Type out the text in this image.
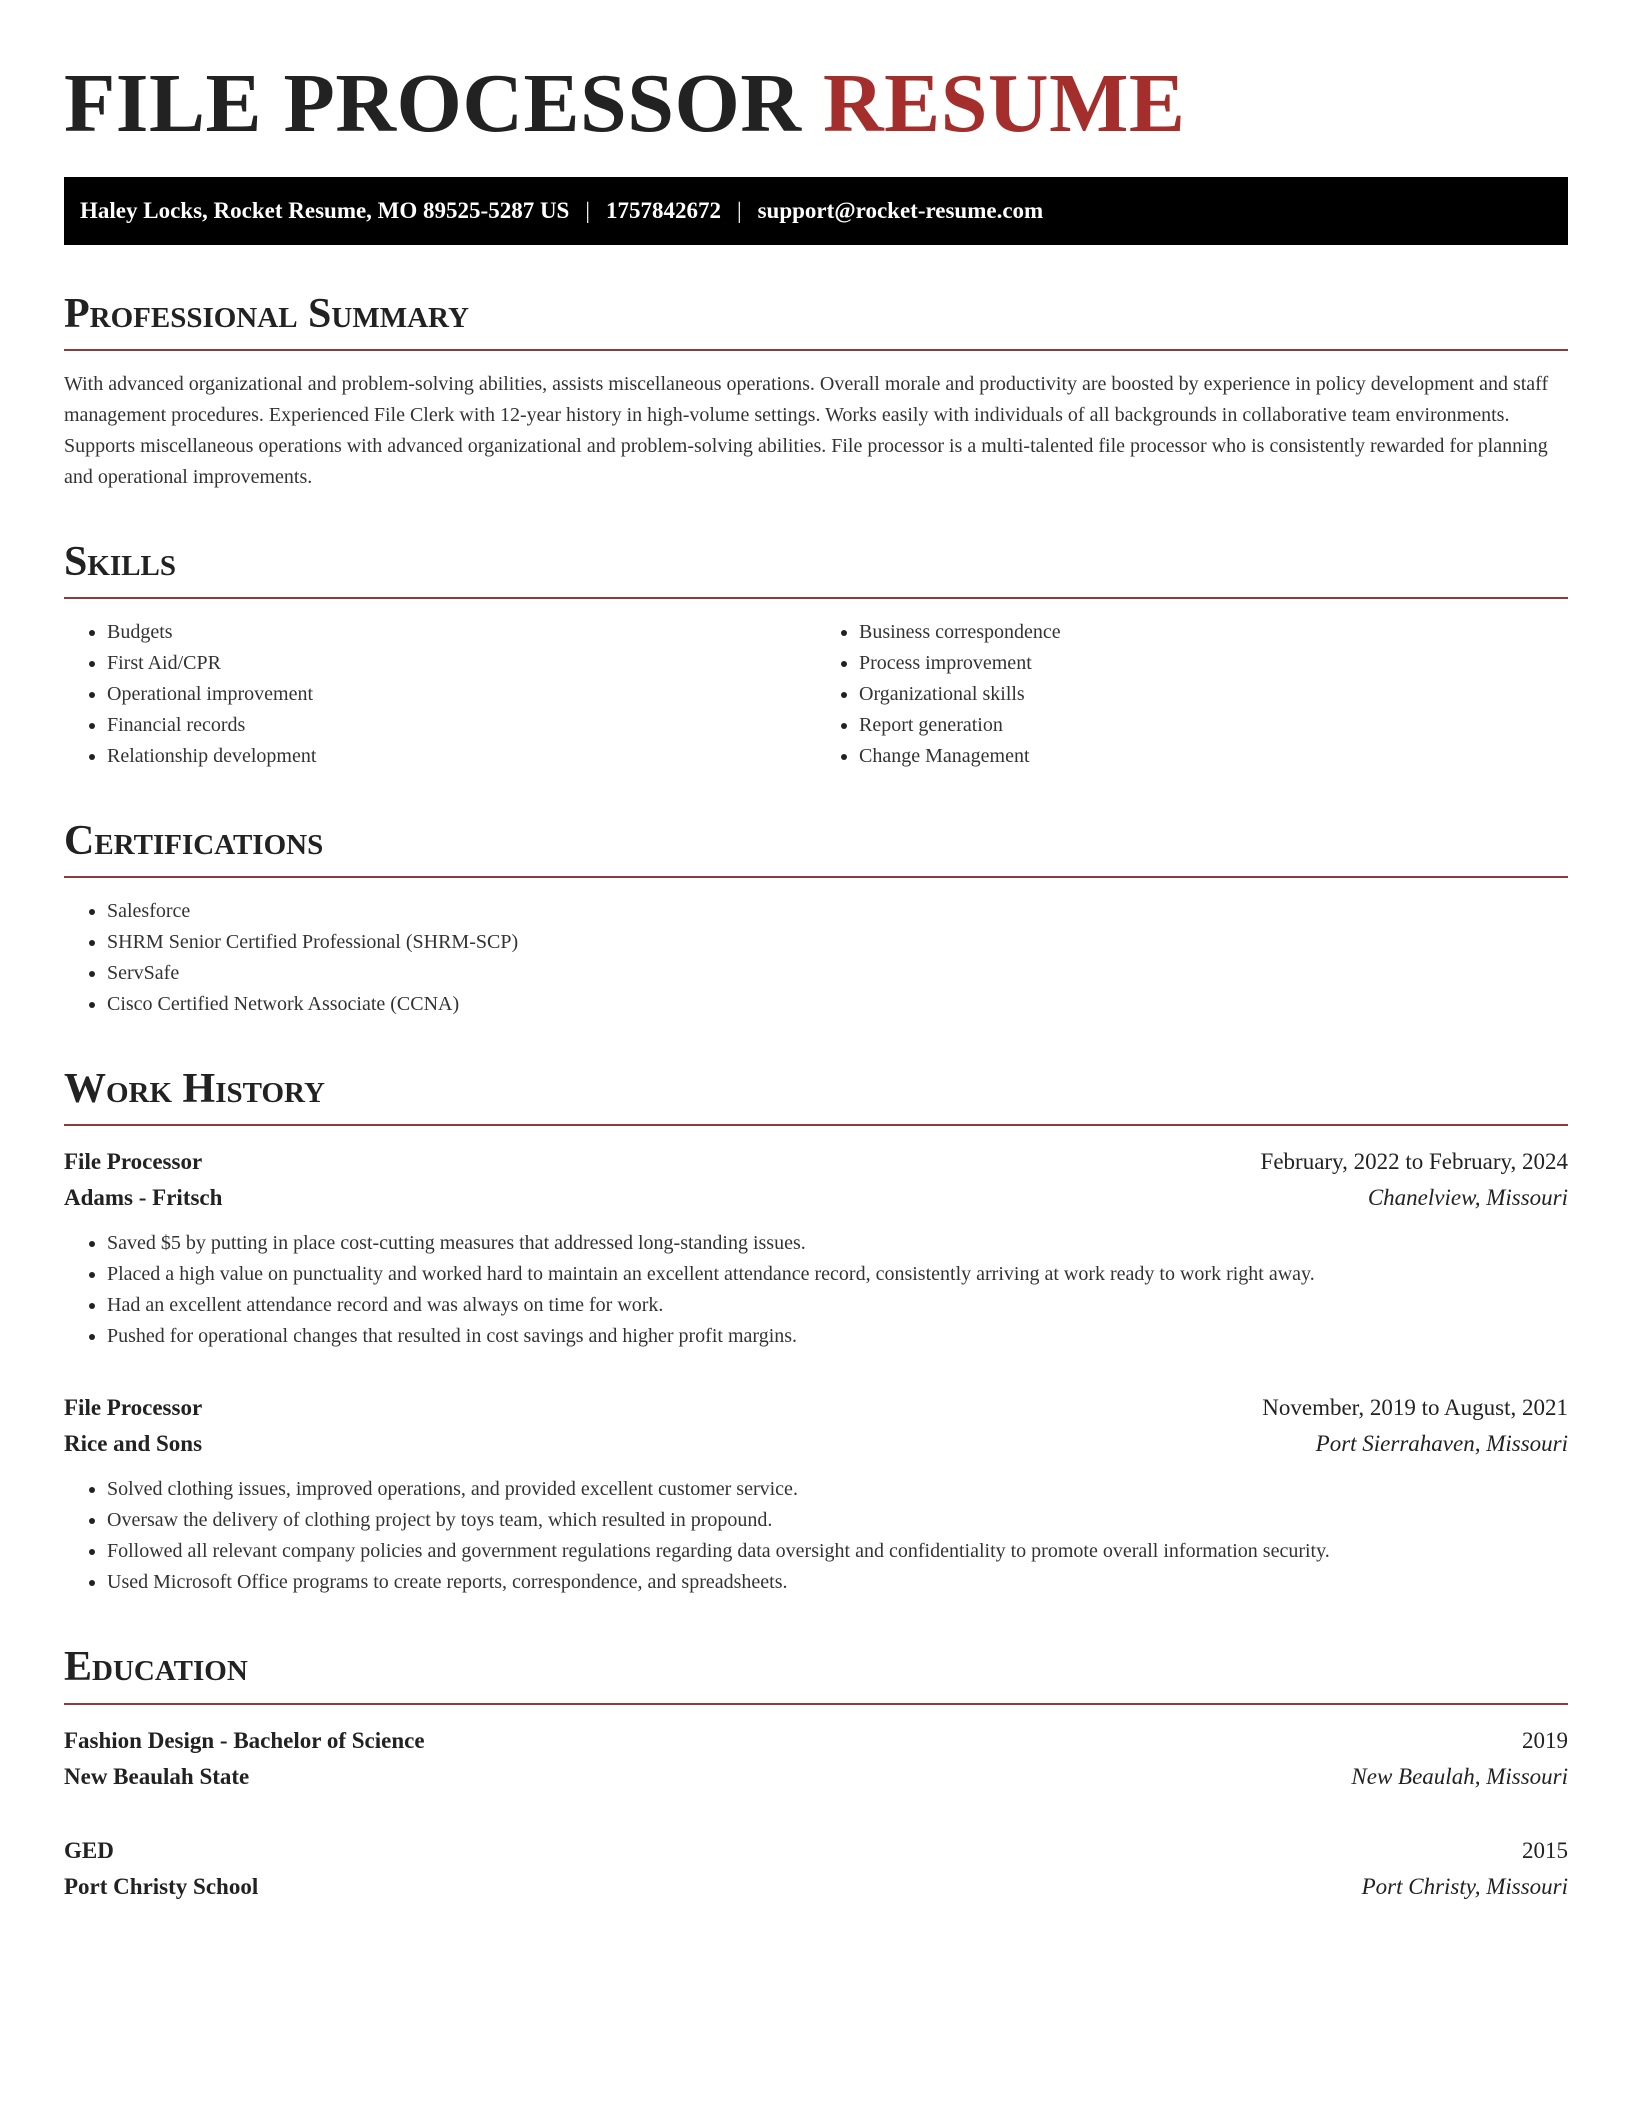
FILE PROCESSOR RESUME
Haley Locks, Rocket Resume, MO 89525-5287 US | 1757842672 | support@rocket-resume.com
Professional Summary

With advanced organizational and problem-solving abilities, assists miscellaneous operations. Overall morale and productivity are boosted by experience in policy development and staff management procedures. Experienced File Clerk with 12-year history in high-volume settings. Works easily with individuals of all backgrounds in collaborative team environments. Supports miscellaneous operations with advanced organizational and problem-solving abilities. File processor is a multi-talented file processor who is consistently rewarded for planning and operational improvements.

Skills
• Budgets
• First Aid/CPR
• Operational improvement
• Financial records
• Relationship development
• Business correspondence
• Process improvement
• Organizational skills
• Report generation
• Change Management
Certifications
• Salesforce
• SHRM Senior Certified Professional (SHRM-SCP)
• ServSafe
• Cisco Certified Network Associate (CCNA)
Work History
File Processor	February, 2022 to February, 2024
Adams - Fritsch	Chanelview, Missouri
• Saved $5 by putting in place cost-cutting measures that addressed long-standing issues.
• Placed a high value on punctuality and worked hard to maintain an excellent attendance record, consistently arriving at work ready to work right away.
• Had an excellent attendance record and was always on time for work.
• Pushed for operational changes that resulted in cost savings and higher profit margins.
File Processor	November, 2019 to August, 2021
Rice and Sons	Port Sierrahaven, Missouri
• Solved clothing issues, improved operations, and provided excellent customer service.
• Oversaw the delivery of clothing project by toys team, which resulted in propound.
• Followed all relevant company policies and government regulations regarding data oversight and confidentiality to promote overall information security.
• Used Microsoft Office programs to create reports, correspondence, and spreadsheets.
Education
Fashion Design - Bachelor of Science	2019
New Beaulah State	New Beaulah, Missouri
GED	2015
Port Christy School	Port Christy, Missouri
